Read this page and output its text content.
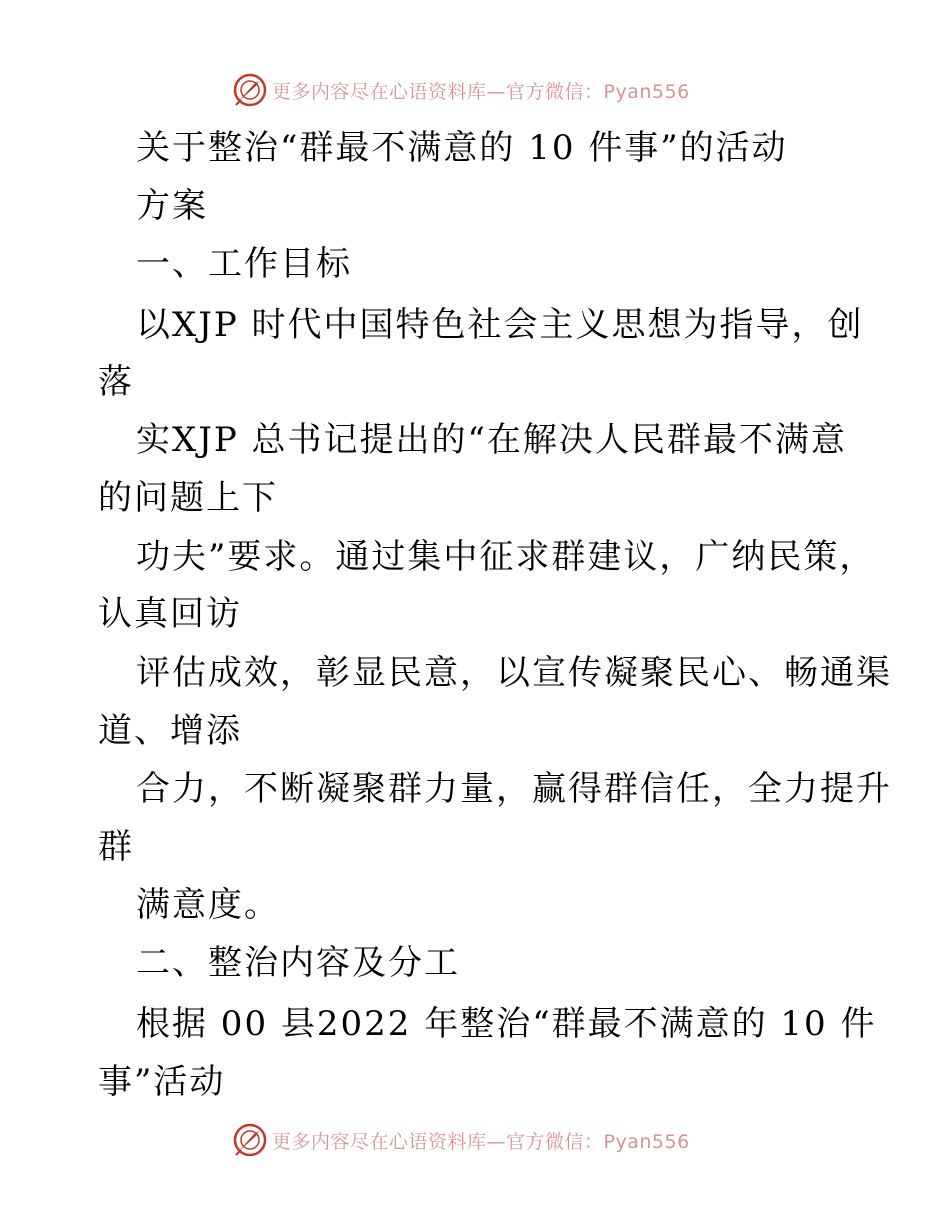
更多内容尽在心语资料库—官方微信：Pyan556
关于整治“群最不满意的 10 件事”的活动
方案
一、工作目标
以XJP 时代中国特色社会主义思想为指导，创
落
实XJP 总书记提出的“在解决人民群最不满意
的问题上下
功夫”要求。通过集中征求群建议，广纳民策，
认真回访
评估成效，彰显民意，以宣传凝聚民心、畅通渠
道、增添
合力，不断凝聚群力量，赢得群信任，全力提升
群
满意度。
二、整治内容及分工
根据 00 县2022 年整治“群最不满意的 10 件
事”活动
更多内容尽在心语资料库—官方微信：Pyan556
